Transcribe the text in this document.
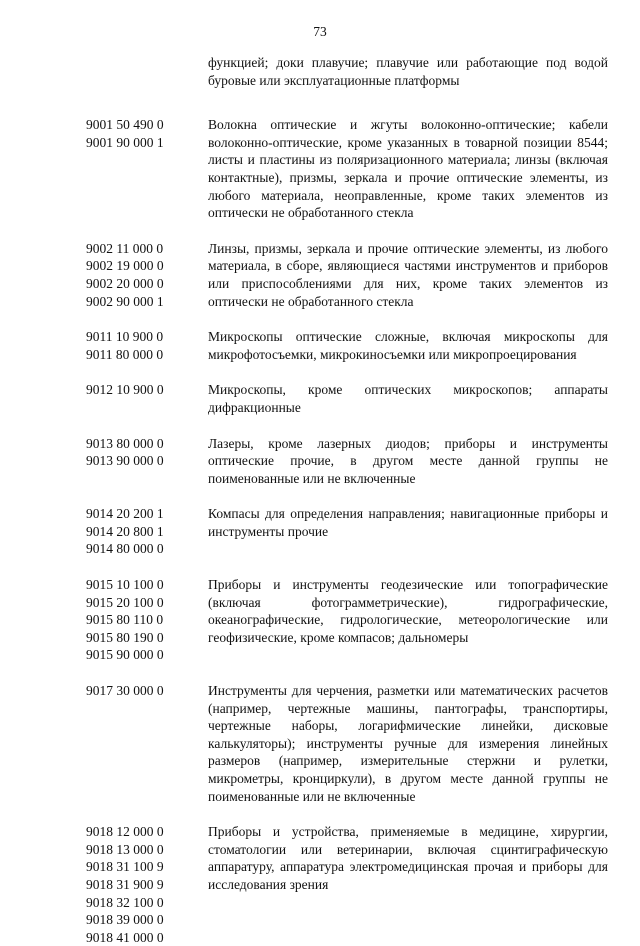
73
функцией; доки плавучие; плавучие или работающие под водой буровые или эксплуатационные платформы
9001 50 490 0
9001 90 000 1
Волокна оптические и жгуты волоконно-оптические; кабели волоконно-оптические, кроме указанных в товарной позиции 8544; листы и пластины из поляризационного материала; линзы (включая контактные), призмы, зеркала и прочие оптические элементы, из любого материала, неоправленные, кроме таких элементов из оптически не обработанного стекла
9002 11 000 0
9002 19 000 0
9002 20 000 0
9002 90 000 1
Линзы, призмы, зеркала и прочие оптические элементы, из любого материала, в сборе, являющиеся частями инструментов и приборов или приспособлениями для них, кроме таких элементов из оптически не обработанного стекла
9011 10 900 0
9011 80 000 0
Микроскопы оптические сложные, включая микроскопы для микрофотосъемки, микрокиносъемки или микропроецирования
9012 10 900 0	Микроскопы, кроме оптических микроскопов; аппараты дифракционные
9013 80 000 0
9013 90 000 0
Лазеры, кроме лазерных диодов; приборы и инструменты оптические прочие, в другом месте данной группы не поименованные или не включенные
9014 20 200 1
9014 20 800 1
9014 80 000 0
Компасы для определения направления; навигационные приборы и инструменты прочие
9015 10 100 0
9015 20 100 0
9015 80 110 0
9015 80 190 0
9015 90 000 0
Приборы и инструменты геодезические или топографические (включая фотограмметрические), гидрографические, океанографические, гидрологические, метеорологические или геофизические, кроме компасов; дальномеры
9017 30 000 0	Инструменты для черчения, разметки или математических расчетов (например, чертежные машины, пантографы, транспортиры, чертежные наборы, логарифмические линейки, дисковые калькуляторы); инструменты ручные для измерения линейных размеров (например, измерительные стержни и рулетки, микрометры, кронциркули), в другом месте данной группы не поименованные или не включенные
9018 12 000 0
9018 13 000 0
9018 31 100 9
9018 31 900 9
9018 32 100 0
9018 39 000 0
9018 41 000 0
Приборы и устройства, применяемые в медицине, хирургии, стоматологии или ветеринарии, включая сцинтиграфическую аппаратуру, аппаратура электромедицинская прочая и приборы для исследования зрения
